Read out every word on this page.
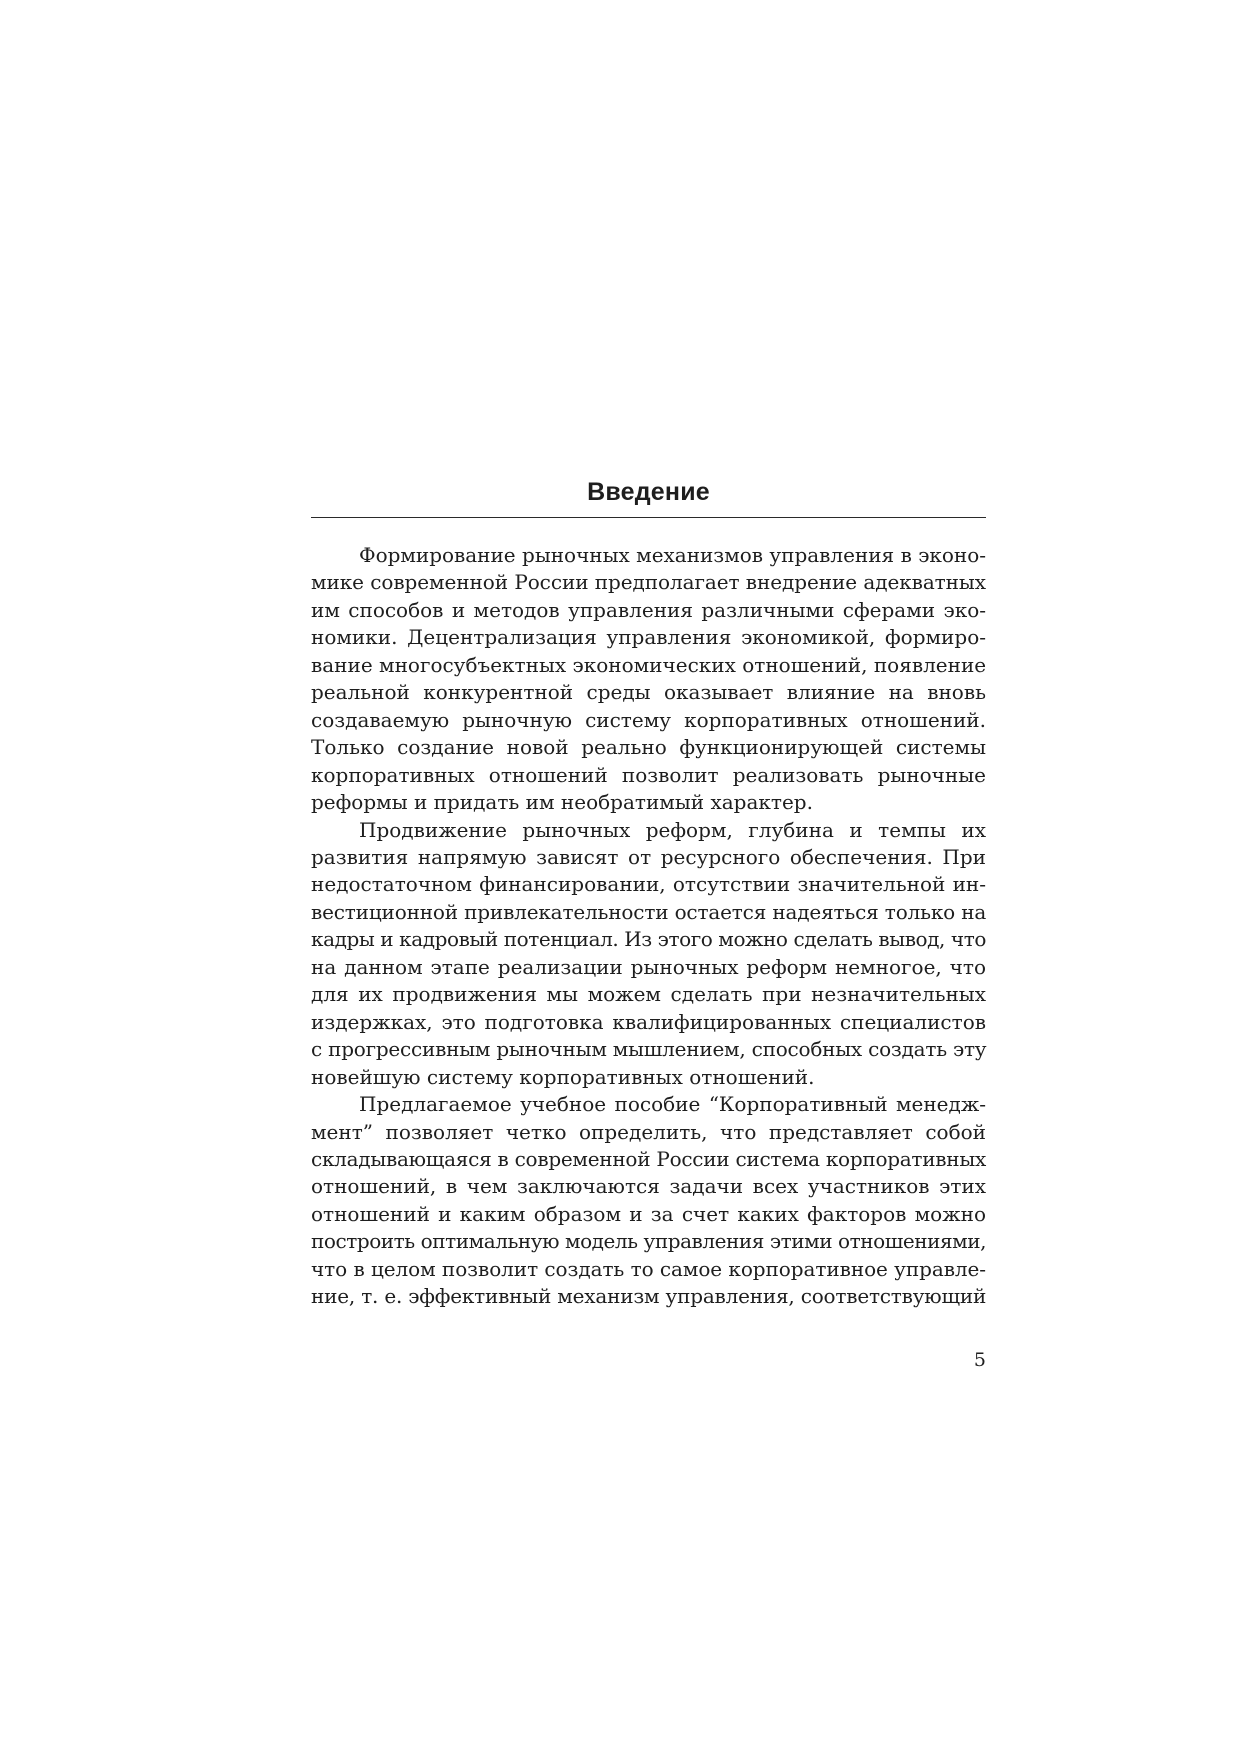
Введение

Формирование рыночных механизмов управления в эконо-
мике современной России предполагает внедрение адекватных
им способов и методов управления различными сферами эко-
номики. Децентрализация управления экономикой, формиро-
вание многосубъектных экономических отношений, появление
реальной конкурентной среды оказывает влияние на вновь
создаваемую рыночную систему корпоративных отношений.
Только создание новой реально функционирующей системы
корпоративных отношений позволит реализовать рыночные
реформы и придать им необратимый характер.

Продвижение рыночных реформ, глубина и темпы их
развития напрямую зависят от ресурсного обеспечения. При
недостаточном финансировании, отсутствии значительной ин-
вестиционной привлекательности остается надеяться только на
кадры и кадровый потенциал. Из этого можно сделать вывод, что
на данном этапе реализации рыночных реформ немногое, что
для их продвижения мы можем сделать при незначительных
издержках, это подготовка квалифицированных специалистов
с прогрессивным рыночным мышлением, способных создать эту
новейшую систему корпоративных отношений.

Предлагаемое учебное пособие “Корпоративный менедж-
мент” позволяет четко определить, что представляет собой
складывающаяся в современной России система корпоративных
отношений, в чем заключаются задачи всех участников этих
отношений и каким образом и за счет каких факторов можно
построить оптимальную модель управления этими отношениями,
что в целом позволит создать то самое корпоративное управле-
ние, т. е. эффективный механизм управления, соответствующий

5
